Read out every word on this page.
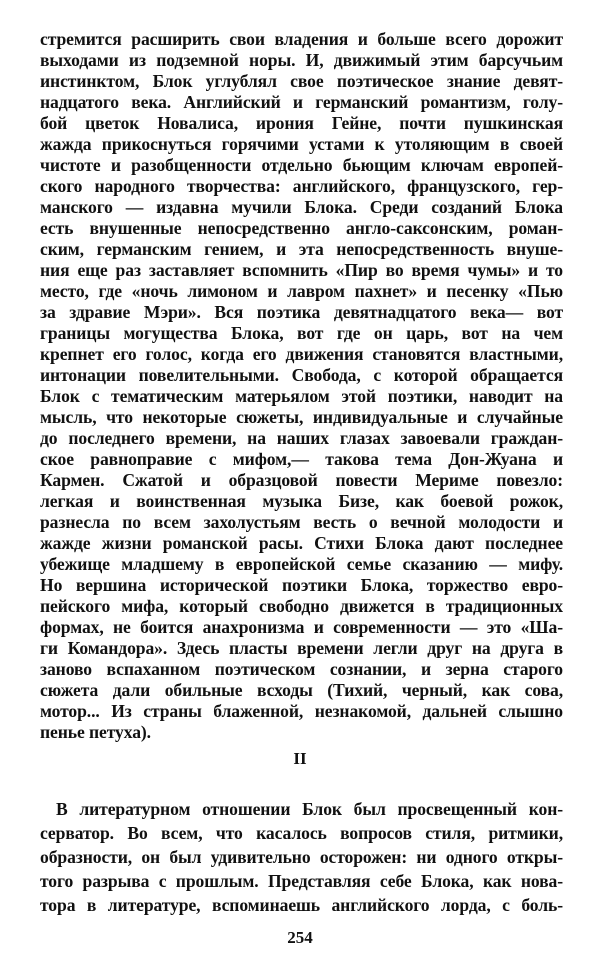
стремится расширить свои владения и больше всего дорожит
выходами из подземной норы. И, движимый этим барсучьим
инстинктом, Блок углублял свое поэтическое знание девят-
надцатого века. Английский и германский романтизм, голу-
бой цветок Новалиса, ирония Гейне, почти пушкинская
жажда прикоснуться горячими устами к утоляющим в своей
чистоте и разобщенности отдельно бьющим ключам европей-
ского народного творчества: английского, французского, гер-
манского — издавна мучили Блока. Среди созданий Блока
есть внушенные непосредственно англо-саксонским, роман-
ским, германским гением, и эта непосредственность внуше-
ния еще раз заставляет вспомнить «Пир во время чумы» и то
место, где «ночь лимоном и лавром пахнет» и песенку «Пью
за здравие Мэри». Вся поэтика девятнадцатого века— вот
границы могущества Блока, вот где он царь, вот на чем
крепнет его голос, когда его движения становятся властными,
интонации повелительными. Свобода, с которой обращается
Блок с тематическим матерьялом этой поэтики, наводит на
мысль, что некоторые сюжеты, индивидуальные и случайные
до последнего времени, на наших глазах завоевали граждан-
ское равноправие с мифом,— такова тема Дон-Жуана и
Кармен. Сжатой и образцовой повести Мериме повезло:
легкая и воинственная музыка Бизе, как боевой рожок,
разнесла по всем захолустьям весть о вечной молодости и
жажде жизни романской расы. Стихи Блока дают последнее
убежище младшему в европейской семье сказанию — мифу.
Но вершина исторической поэтики Блока, торжество евро-
пейского мифа, который свободно движется в традиционных
формах, не боится анахронизма и современности — это «Ша-
ги Командора». Здесь пласты времени легли друг на друга в
заново вспаханном поэтическом сознании, и зерна старого
сюжета дали обильные всходы (Тихий, черный, как сова,
мотор... Из страны блаженной, незнакомой, дальней слышно
пенье петуха).
II
В литературном отношении Блок был просвещенный кон-
серватор. Во всем, что касалось вопросов стиля, ритмики,
образности, он был удивительно осторожен: ни одного откры-
того разрыва с прошлым. Представляя себе Блока, как новa-
тора в литературе, вспоминаешь английского лорда, с боль-
254
